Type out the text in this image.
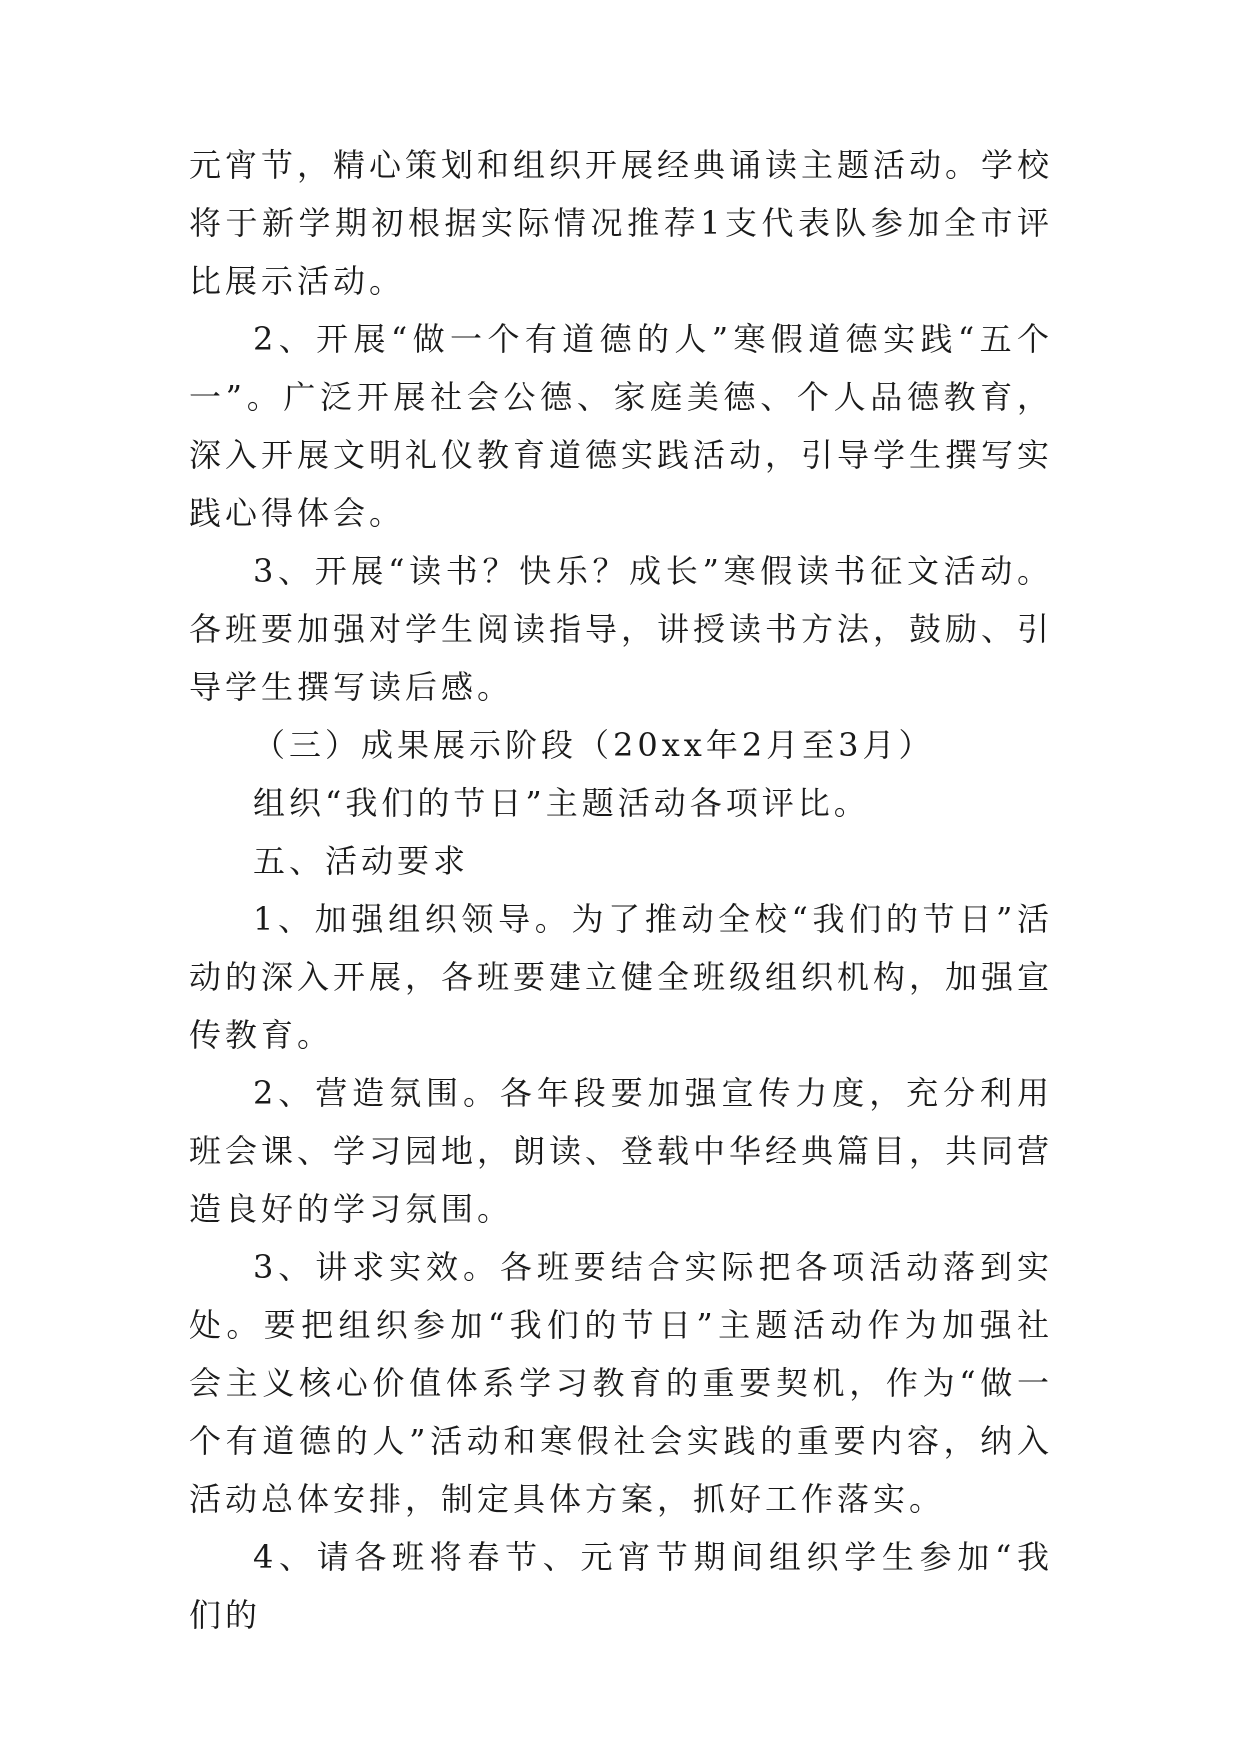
元宵节，精心策划和组织开展经典诵读主题活动。学校将于新学期初根据实际情况推荐1支代表队参加全市评比展示活动。

2、开展“做一个有道德的人”寒假道德实践“五个一”。广泛开展社会公德、家庭美德、个人品德教育，深入开展文明礼仪教育道德实践活动，引导学生撰写实践心得体会。

3、开展“读书？快乐？成长”寒假读书征文活动。各班要加强对学生阅读指导，讲授读书方法，鼓励、引导学生撰写读后感。

（三）成果展示阶段（20xx年2月至3月）

组织“我们的节日”主题活动各项评比。

五、活动要求

1、加强组织领导。为了推动全校“我们的节日”活动的深入开展，各班要建立健全班级组织机构，加强宣传教育。

2、营造氛围。各年段要加强宣传力度，充分利用班会课、学习园地，朗读、登载中华经典篇目，共同营造良好的学习氛围。

3、讲求实效。各班要结合实际把各项活动落到实处。要把组织参加“我们的节日”主题活动作为加强社会主义核心价值体系学习教育的重要契机，作为“做一个有道德的人”活动和寒假社会实践的重要内容，纳入活动总体安排，制定具体方案，抓好工作落实。

4、请各班将春节、元宵节期间组织学生参加“我们的
